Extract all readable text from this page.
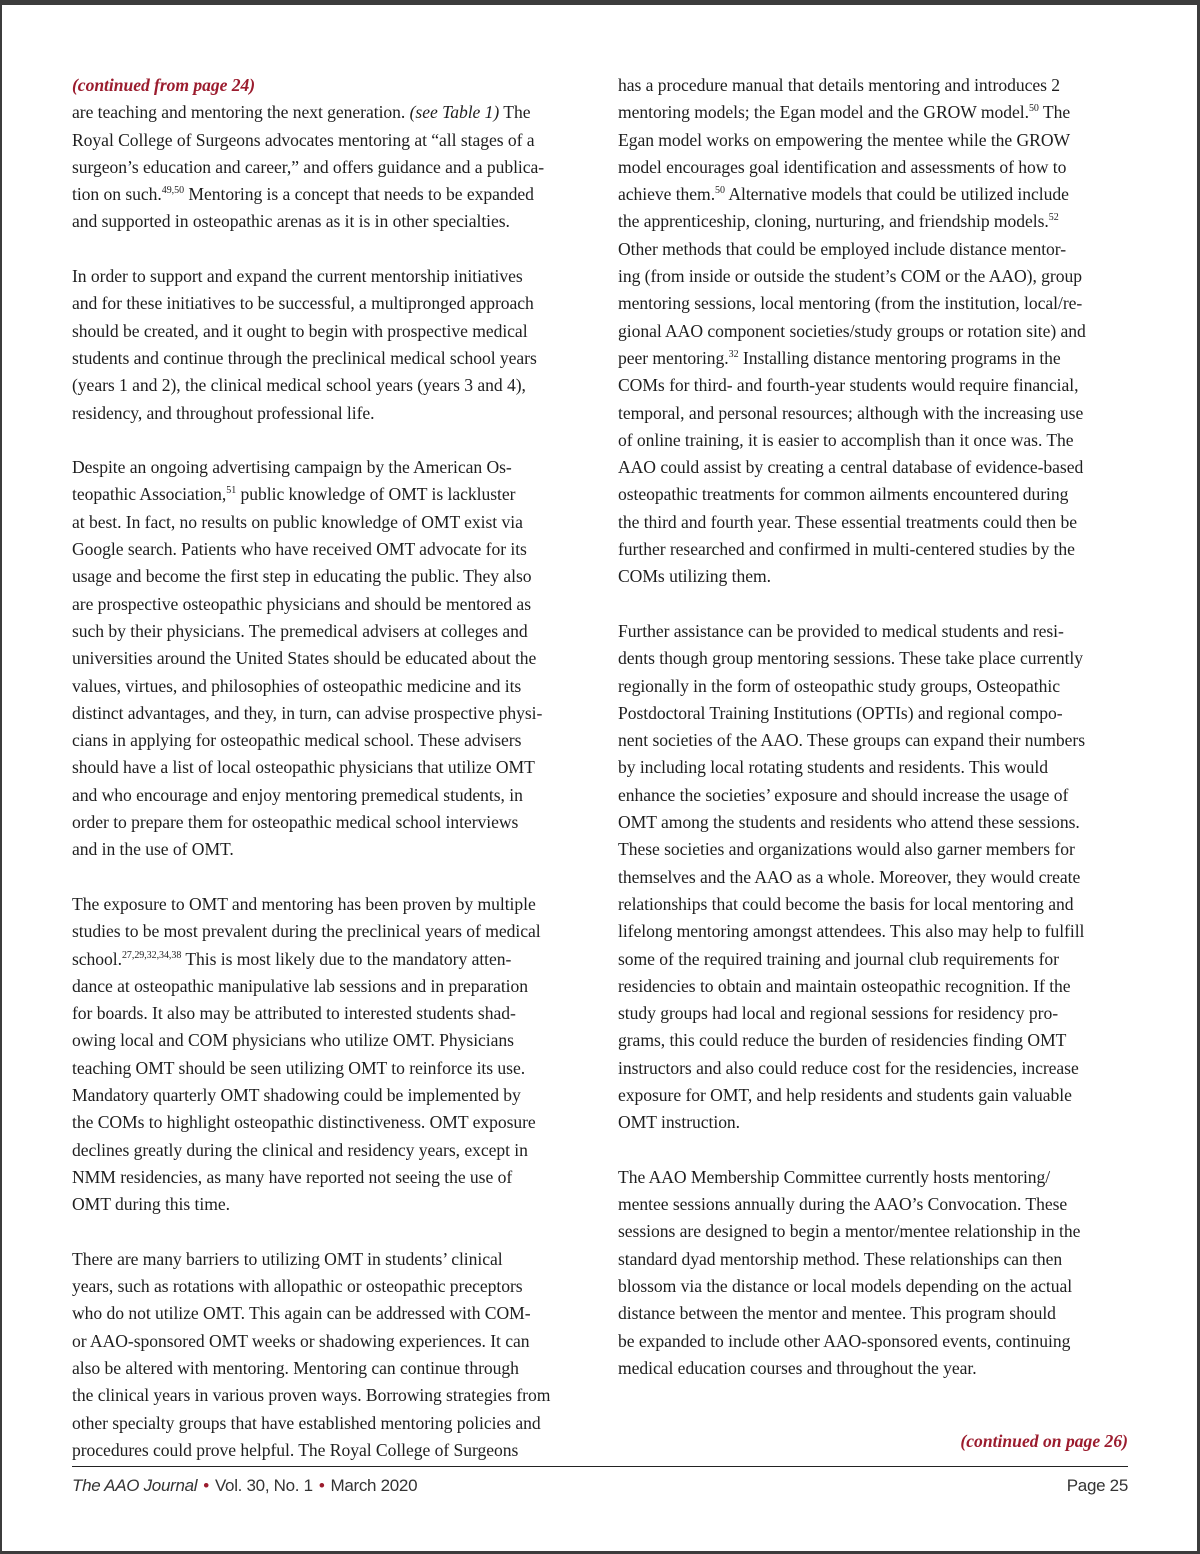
(continued from page 24)

are teaching and mentoring the next generation. (see Table 1) The
Royal College of Surgeons advocates mentoring at “all stages of a
surgeon’s education and career,” and offers guidance and a publica-
tion on such.$^{49,50}$ Mentoring is a concept that needs to be expanded
and supported in osteopathic arenas as it is in other specialties.

In order to support and expand the current mentorship initiatives
and for these initiatives to be successful, a multipronged approach
should be created, and it ought to begin with prospective medical
students and continue through the preclinical medical school years
(years 1 and 2), the clinical medical school years (years 3 and 4),
residency, and throughout professional life.

Despite an ongoing advertising campaign by the American Os-
teopathic Association,$^{51}$ public knowledge of OMT is lackluster
at best. In fact, no results on public knowledge of OMT exist via
Google search. Patients who have received OMT advocate for its
usage and become the first step in educating the public. They also
are prospective osteopathic physicians and should be mentored as
such by their physicians. The premedical advisers at colleges and
universities around the United States should be educated about the
values, virtues, and philosophies of osteopathic medicine and its
distinct advantages, and they, in turn, can advise prospective physi-
cians in applying for osteopathic medical school. These advisers
should have a list of local osteopathic physicians that utilize OMT
and who encourage and enjoy mentoring premedical students, in
order to prepare them for osteopathic medical school interviews
and in the use of OMT.

The exposure to OMT and mentoring has been proven by multiple
studies to be most prevalent during the preclinical years of medical
school.$^{27,29,32,34,38}$ This is most likely due to the mandatory atten-
dance at osteopathic manipulative lab sessions and in preparation
for boards. It also may be attributed to interested students shad-
owing local and COM physicians who utilize OMT. Physicians
teaching OMT should be seen utilizing OMT to reinforce its use.
Mandatory quarterly OMT shadowing could be implemented by
the COMs to highlight osteopathic distinctiveness. OMT exposure
declines greatly during the clinical and residency years, except in
NMM residencies, as many have reported not seeing the use of
OMT during this time.

There are many barriers to utilizing OMT in students’ clinical
years, such as rotations with allopathic or osteopathic preceptors
who do not utilize OMT. This again can be addressed with COM-
or AAO-sponsored OMT weeks or shadowing experiences. It can
also be altered with mentoring. Mentoring can continue through
the clinical years in various proven ways. Borrowing strategies from
other specialty groups that have established mentoring policies and
procedures could prove helpful. The Royal College of Surgeons

has a procedure manual that details mentoring and introduces 2
mentoring models; the Egan model and the GROW model.$^{50}$ The
Egan model works on empowering the mentee while the GROW
model encourages goal identification and assessments of how to
achieve them.$^{50}$ Alternative models that could be utilized include
the apprenticeship, cloning, nurturing, and friendship models.$^{52}$
Other methods that could be employed include distance mentor-
ing (from inside or outside the student’s COM or the AAO), group
mentoring sessions, local mentoring (from the institution, local/re-
gional AAO component societies/study groups or rotation site) and
peer mentoring.$^{32}$ Installing distance mentoring programs in the
COMs for third- and fourth-year students would require financial,
temporal, and personal resources; although with the increasing use
of online training, it is easier to accomplish than it once was. The
AAO could assist by creating a central database of evidence-based
osteopathic treatments for common ailments encountered during
the third and fourth year. These essential treatments could then be
further researched and confirmed in multi-centered studies by the
COMs utilizing them.

Further assistance can be provided to medical students and resi-
dents though group mentoring sessions. These take place currently
regionally in the form of osteopathic study groups, Osteopathic
Postdoctoral Training Institutions (OPTIs) and regional compo-
nent societies of the AAO. These groups can expand their numbers
by including local rotating students and residents. This would
enhance the societies’ exposure and should increase the usage of
OMT among the students and residents who attend these sessions.
These societies and organizations would also garner members for
themselves and the AAO as a whole. Moreover, they would create
relationships that could become the basis for local mentoring and
lifelong mentoring amongst attendees. This also may help to fulfill
some of the required training and journal club requirements for
residencies to obtain and maintain osteopathic recognition. If the
study groups had local and regional sessions for residency pro-
grams, this could reduce the burden of residencies finding OMT
instructors and also could reduce cost for the residencies, increase
exposure for OMT, and help residents and students gain valuable
OMT instruction.

The AAO Membership Committee currently hosts mentoring/
mentee sessions annually during the AAO’s Convocation. These
sessions are designed to begin a mentor/mentee relationship in the
standard dyad mentorship method. These relationships can then
blossom via the distance or local models depending on the actual
distance between the mentor and mentee. This program should
be expanded to include other AAO-sponsored events, continuing
medical education courses and throughout the year.

(continued on page 26)
The AAO Journal • Vol. 30, No. 1 • March 2020	Page 25
